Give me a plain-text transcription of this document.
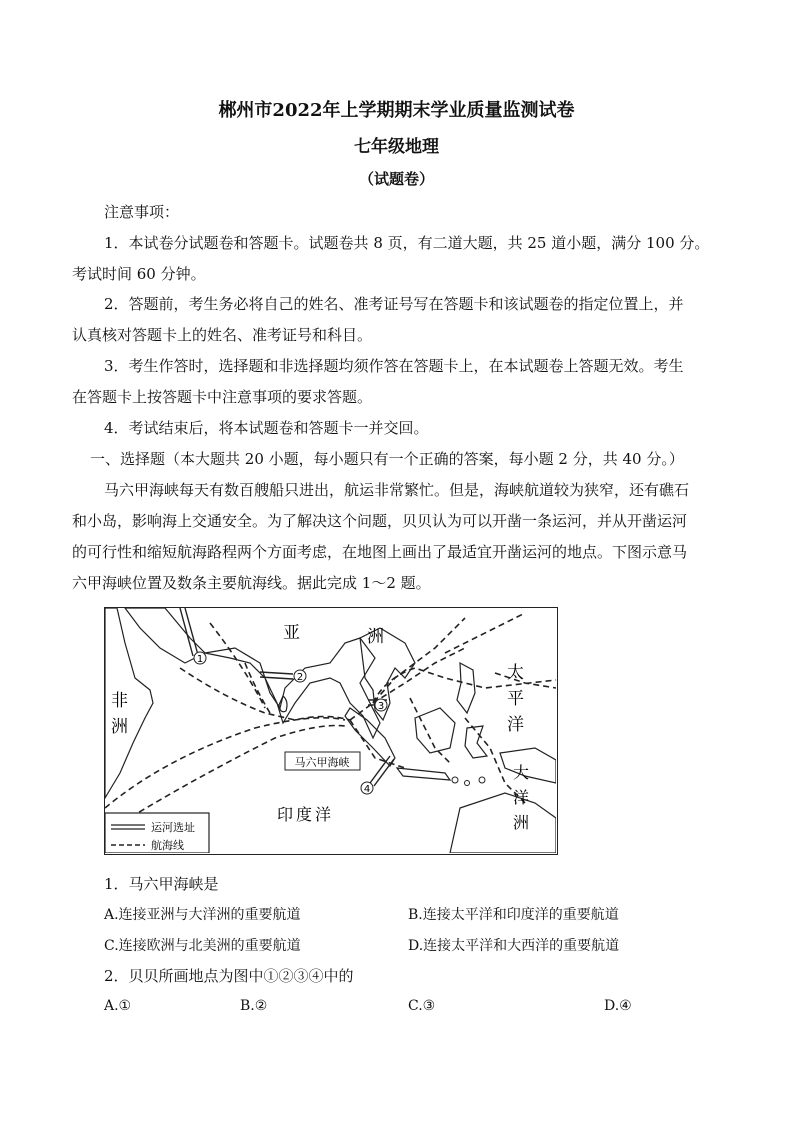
郴州市2022年上学期期末学业质量监测试卷
七年级地理
（试题卷）
注意事项：
1．本试卷分试题卷和答题卡。试题卷共 8 页，有二道大题，共 25 道小题，满分 100 分。
考试时间 60 分钟。
2．答题前，考生务必将自己的姓名、准考证号写在答题卡和该试题卷的指定位置上，并
认真核对答题卡上的姓名、准考证号和科目。
3．考生作答时，选择题和非选择题均须作答在答题卡上，在本试题卷上答题无效。考生
在答题卡上按答题卡中注意事项的要求答题。
4．考试结束后，将本试题卷和答题卡一并交回。
一、选择题（本大题共 20 小题，每小题只有一个正确的答案，每小题 2 分，共 40 分。）
马六甲海峡每天有数百艘船只进出，航运非常繁忙。但是，海峡航道较为狭窄，还有礁石
和小岛，影响海上交通安全。为了解决这个问题，贝贝认为可以开凿一条运河，并从开凿运河
的可行性和缩短航海路程两个方面考虑，在地图上画出了最适宜开凿运河的地点。下图示意马
六甲海峡位置及数条主要航海线。据此完成 1～2 题。
1
2
3
4
马六甲海峡
亚	洲
非
洲
太
平
洋
印度洋
大
洋
洲
运河选址
航海线
1．马六甲海峡是
A.连接亚洲与大洋洲的重要航道	B.连接太平洋和印度洋的重要航道
C.连接欧洲与北美洲的重要航道	D.连接太平洋和大西洋的重要航道
2．贝贝所画地点为图中①②③④中的
A.①	B.②	C.③	D.④
